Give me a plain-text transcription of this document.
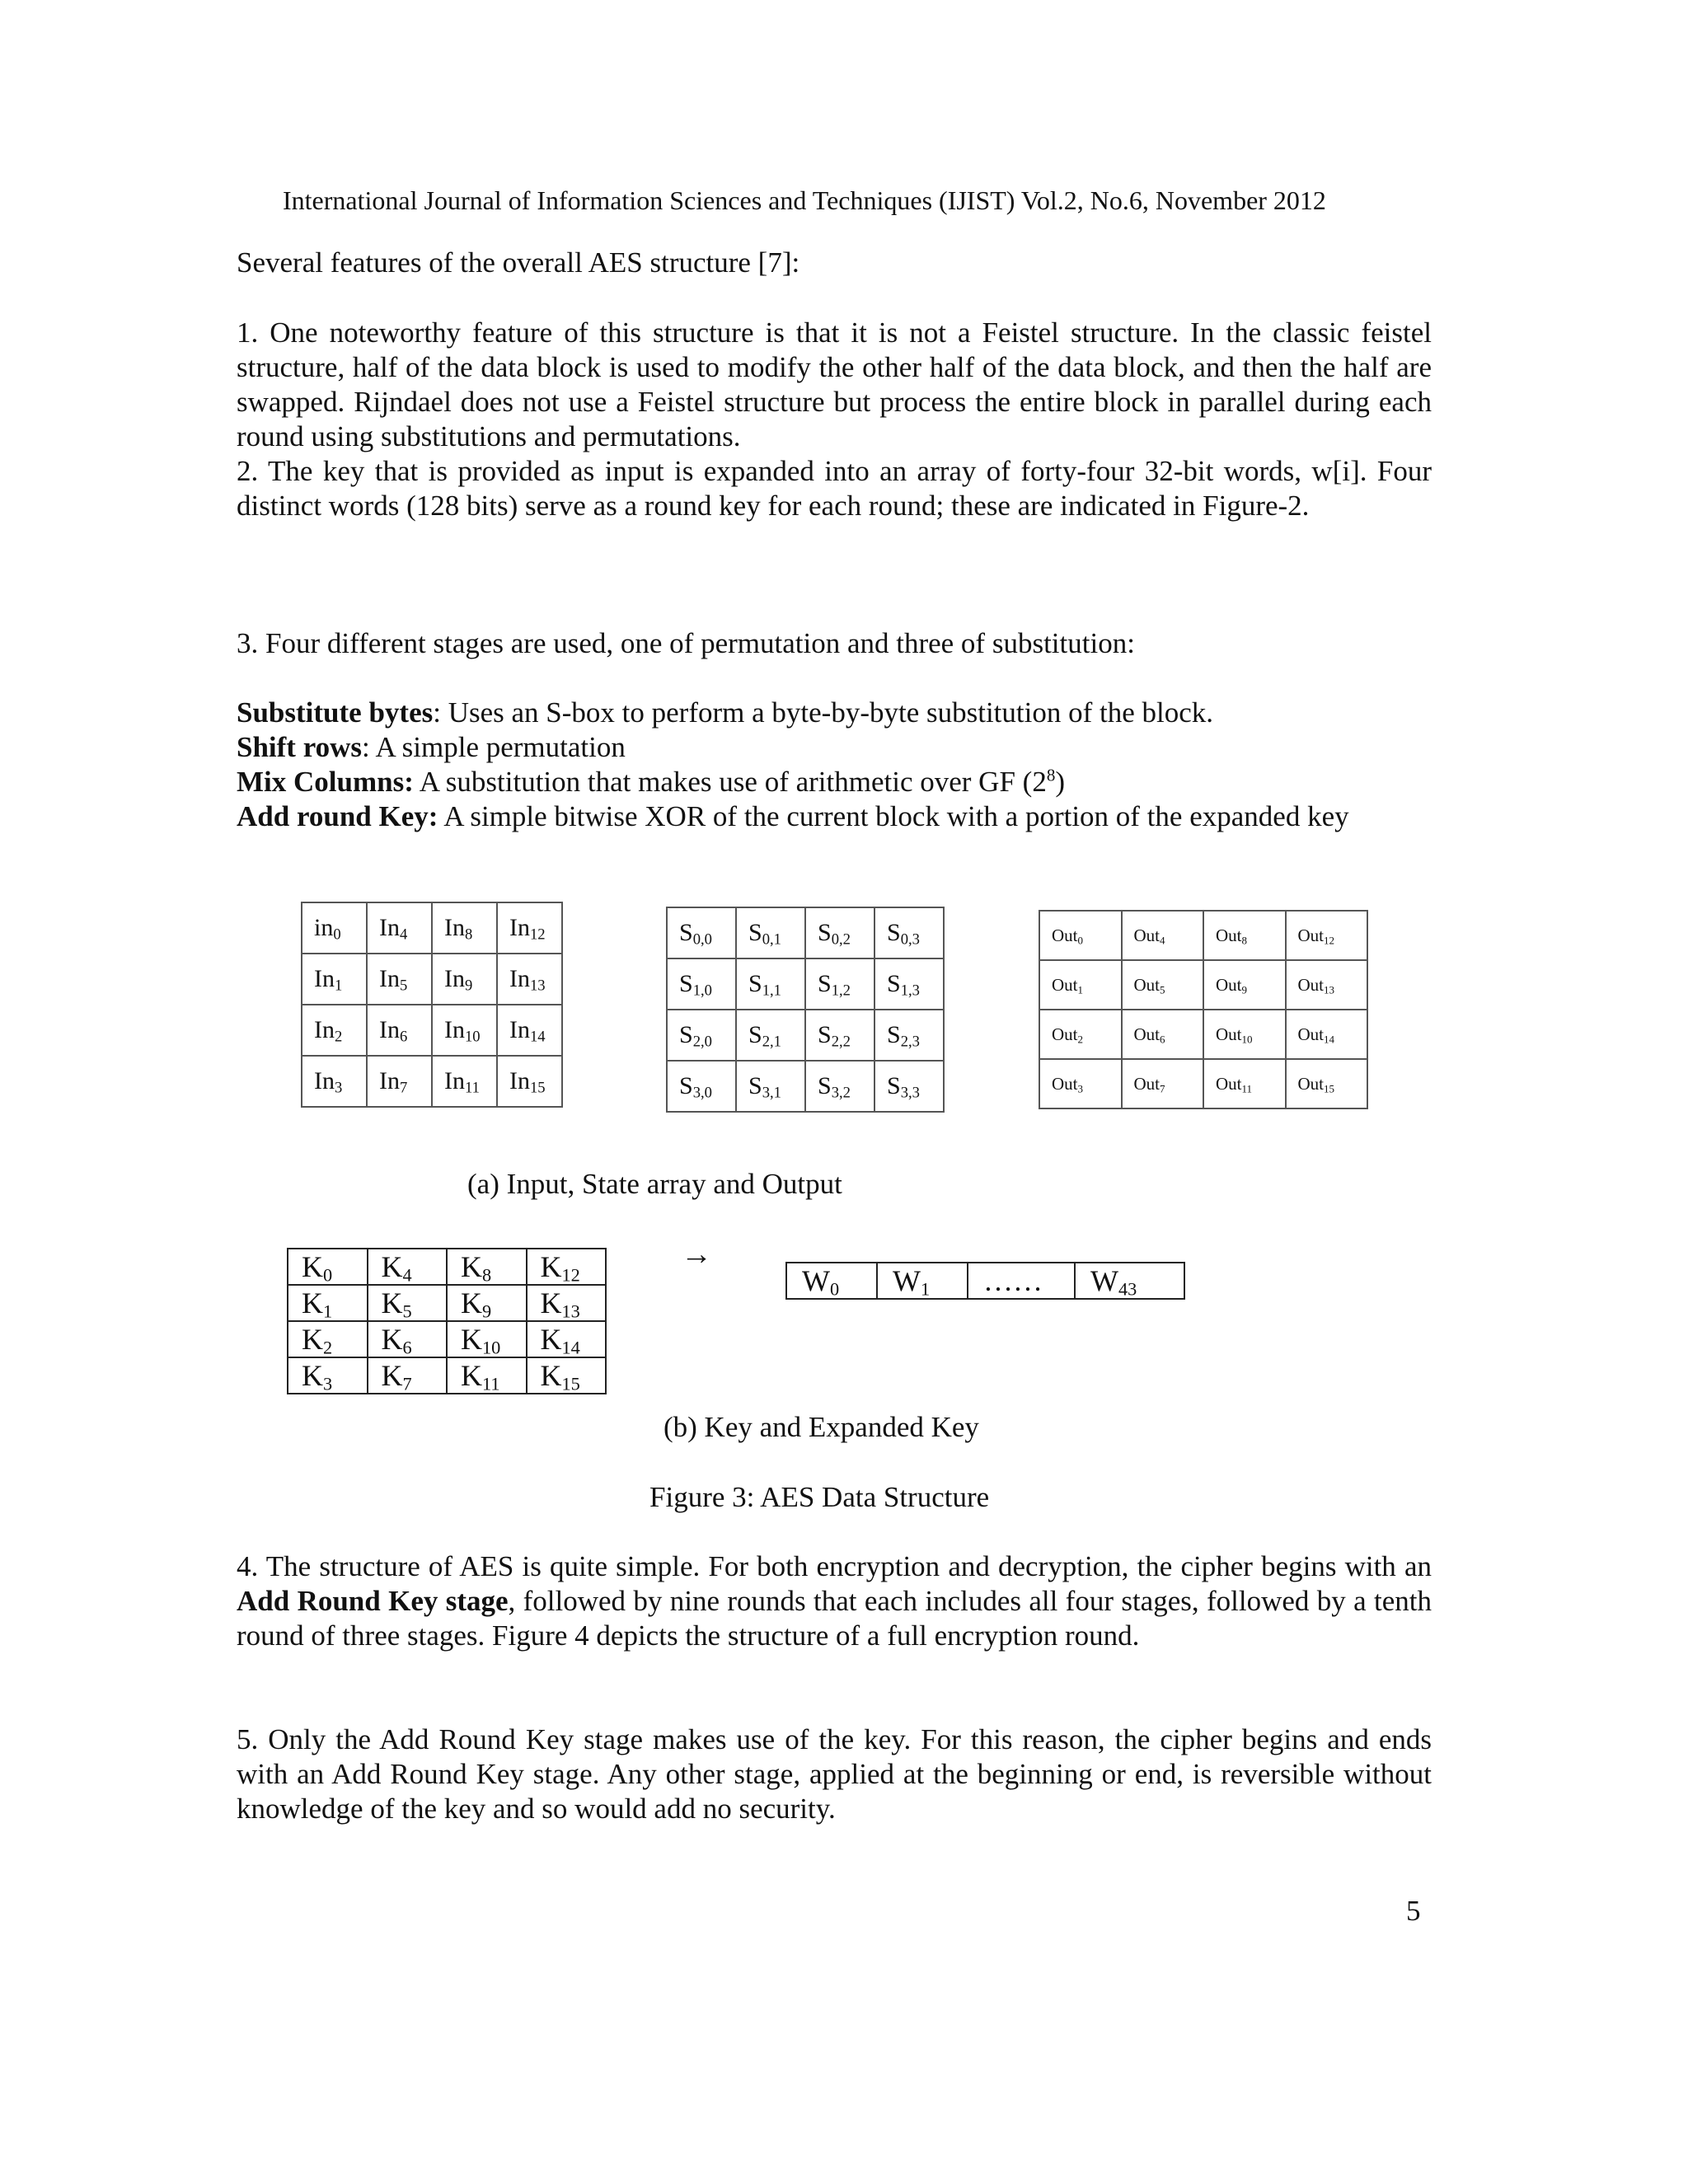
International Journal of Information Sciences and Techniques (IJIST) Vol.2, No.6, November 2012
Several features of the overall AES structure [7]:
1. One noteworthy feature of this structure is that it is not a Feistel structure. In the classic feistel structure, half of the data block is used to modify the other half of the data block, and then the half are swapped. Rijndael does not use a Feistel structure but process the entire block in parallel during each round using substitutions and permutations.
2. The key that is provided as input is expanded into an array of forty-four 32-bit words, w[i]. Four distinct words (128 bits) serve as a round key for each round; these are indicated in Figure-2.
3. Four different stages are used, one of permutation and three of substitution:
Substitute bytes: Uses an S-box to perform a byte-by-byte substitution of the block.
Shift rows: A simple permutation
Mix Columns: A substitution that makes use of arithmetic over GF $(2^8)$
Add round Key: A simple bitwise XOR of the current block with a portion of the expanded key
$in_0$	$In_4$	$In_8$	$In_{12}$
$In_1$	$In_5$	$In_9$	$In_{13}$
$In_2$	$In_6$	$In_{10}$	$In_{14}$
$In_3$	$In_7$	$In_{11}$	$In_{15}$
$S_{0,0}$	$S_{0,1}$	$S_{0,2}$	$S_{0,3}$
$S_{1,0}$	$S_{1,1}$	$S_{1,2}$	$S_{1,3}$
$S_{2,0}$	$S_{2,1}$	$S_{2,2}$	$S_{2,3}$
$S_{3,0}$	$S_{3,1}$	$S_{3,2}$	$S_{3,3}$
Out$_0$	Out$_4$	Out$_8$	Out$_{12}$
Out$_1$	Out$_5$	Out$_9$	Out$_{13}$
Out$_2$	Out$_6$	Out$_{10}$	Out$_{14}$
Out$_3$	Out$_7$	Out$_{11}$	Out$_{15}$
(a) Input, State array and Output
$K_0$	$K_4$	$K_8$	$K_{12}$
$K_1$	$K_5$	$K_9$	$K_{13}$
$K_2$	$K_6$	$K_{10}$	$K_{14}$
$K_3$	$K_7$	$K_{11}$	$K_{15}$
→
$W_0$	$W_1$	……	$W_{43}$
(b) Key and Expanded Key
Figure 3: AES Data Structure
4. The structure of AES is quite simple. For both encryption and decryption, the cipher begins with an Add Round Key stage, followed by nine rounds that each includes all four stages, followed by a tenth round of three stages. Figure 4 depicts the structure of a full encryption round.
5. Only the Add Round Key stage makes use of the key. For this reason, the cipher begins and ends with an Add Round Key stage. Any other stage, applied at the beginning or end, is reversible without knowledge of the key and so would add no security.
5
